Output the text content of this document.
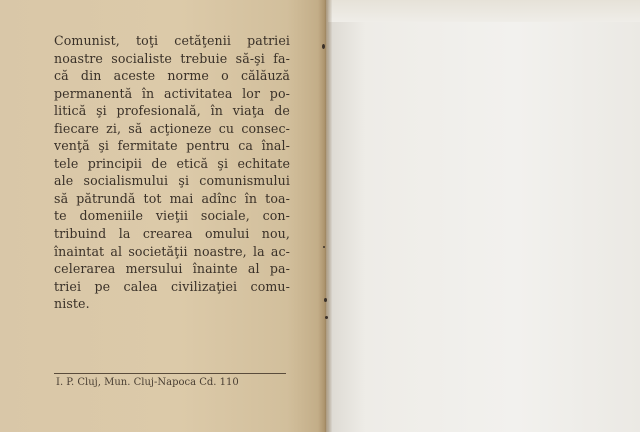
Comunist, toţi cetăţenii patriei
noastre socialiste trebuie să-şi fa-
că din aceste norme o călăuză
permanentă în activitatea lor po-
litică şi profesională, în viaţa de
fiecare zi, să acţioneze cu consec-
venţă şi fermitate pentru ca înal-
tele principii de etică şi echitate
ale socialismului şi comunismului
să pătrundă tot mai adînc în toa-
te domeniile vieţii sociale, con-
tribuind la crearea omului nou,
înaintat al societăţii noastre, la ac-
celerarea mersului înainte al pa-
triei pe calea civilizaţiei comu-
niste.
I. P. Cluj, Mun. Cluj-Napoca Cd. 110
